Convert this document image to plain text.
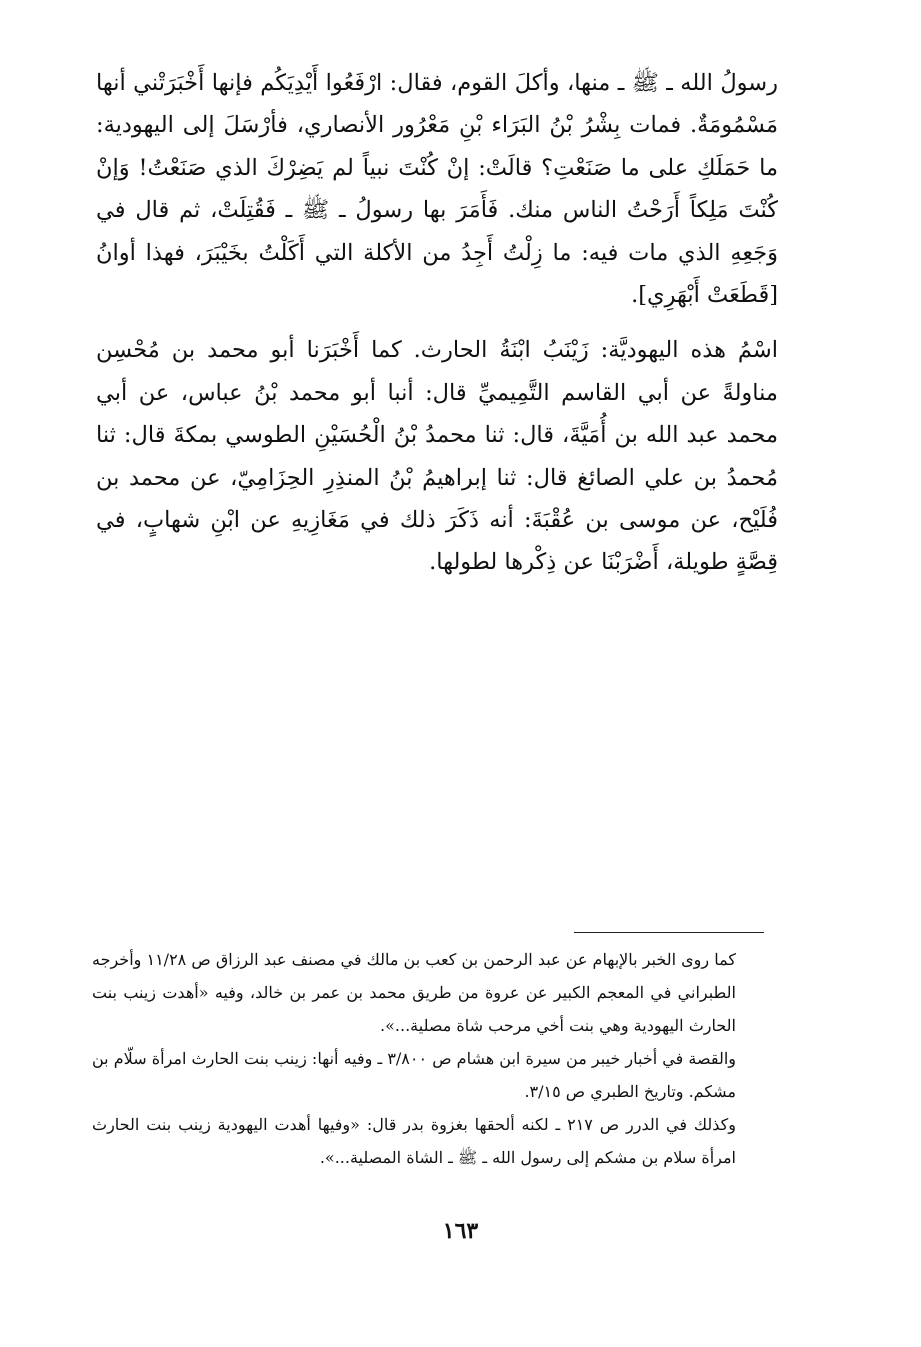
رسولُ الله ـ ﷺ ـ منها، وأكلَ القوم، فقال: ارْفَعُوا أَيْدِيَكُم فإنها أَخْبَرَتْني أنها مَسْمُومَةٌ. فمات بِشْرُ بْنُ البَرَاء بْنِ مَعْرُور الأنصاري، فأرْسَلَ إلى اليهودية: ما حَمَلَكِ على ما صَنَعْتِ؟ قالَتْ: إنْ كُنْتَ نبياً لم يَضِرْكَ الذي صَنَعْتُ! وَإنْ كُنْتَ مَلِكاً أَرَحْتُ الناس منك. فَأَمَرَ بها رسولُ ـ ﷺ ـ فَقُتِلَتْ، ثم قال في وَجَعِهِ الذي مات فيه: ما زِلْتُ أَجِدُ من الأكلة التي أَكَلْتُ بخَيْبَرَ، فهذا أوانُ [قَطَعَتْ أَبْهَرِي].

اسْمُ هذه اليهوديَّة: زَيْنَبُ ابْنَةُ الحارث. كما أَخْبَرَنا أبو محمد بن مُحْسِن مناولةً عن أبي القاسم التَّمِيميِّ قال: أنبا أبو محمد بْنُ عباس، عن أبي محمد عبد الله بن أُمَيَّةَ، قال: ثنا محمدُ بْنُ الْحُسَيْنِ الطوسي بمكةَ قال: ثنا مُحمدُ بن علي الصائغ قال: ثنا إبراهيمُ بْنُ المنذِرِ الحِزَامِيّ، عن محمد بن فُلَيْح، عن موسى بن عُقْبَةَ: أنه ذَكَرَ ذلك في مَغَازِيهِ عن ابْنِ شهابٍ، في قِصَّةٍ طويلة، أَضْرَبْنَا عن ذِكْرها لطولها.

كما روى الخبر بالإبهام عن عبد الرحمن بن كعب بن مالك في مصنف عبد الرزاق ص ١١/٢٨ وأخرجه الطبراني في المعجم الكبير عن عروة من طريق محمد بن عمر بن خالد، وفيه «أهدت زينب بنت الحارث اليهودية وهي بنت أخي مرحب شاة مصلية...».

والقصة في أخبار خيبر من سيرة ابن هشام ص ٣/٨٠٠ ـ وفيه أنها: زينب بنت الحارث امرأة سلّام بن مشكم. وتاريخ الطبري ص ٣/١٥.

وكذلك في الدرر ص ٢١٧ ـ لكنه ألحقها بغزوة بدر قال: «وفيها أهدت اليهودية زينب بنت الحارث امرأة سلام بن مشكم إلى رسول الله ـ ﷺ ـ الشاة المصلية...».

١٦٣
